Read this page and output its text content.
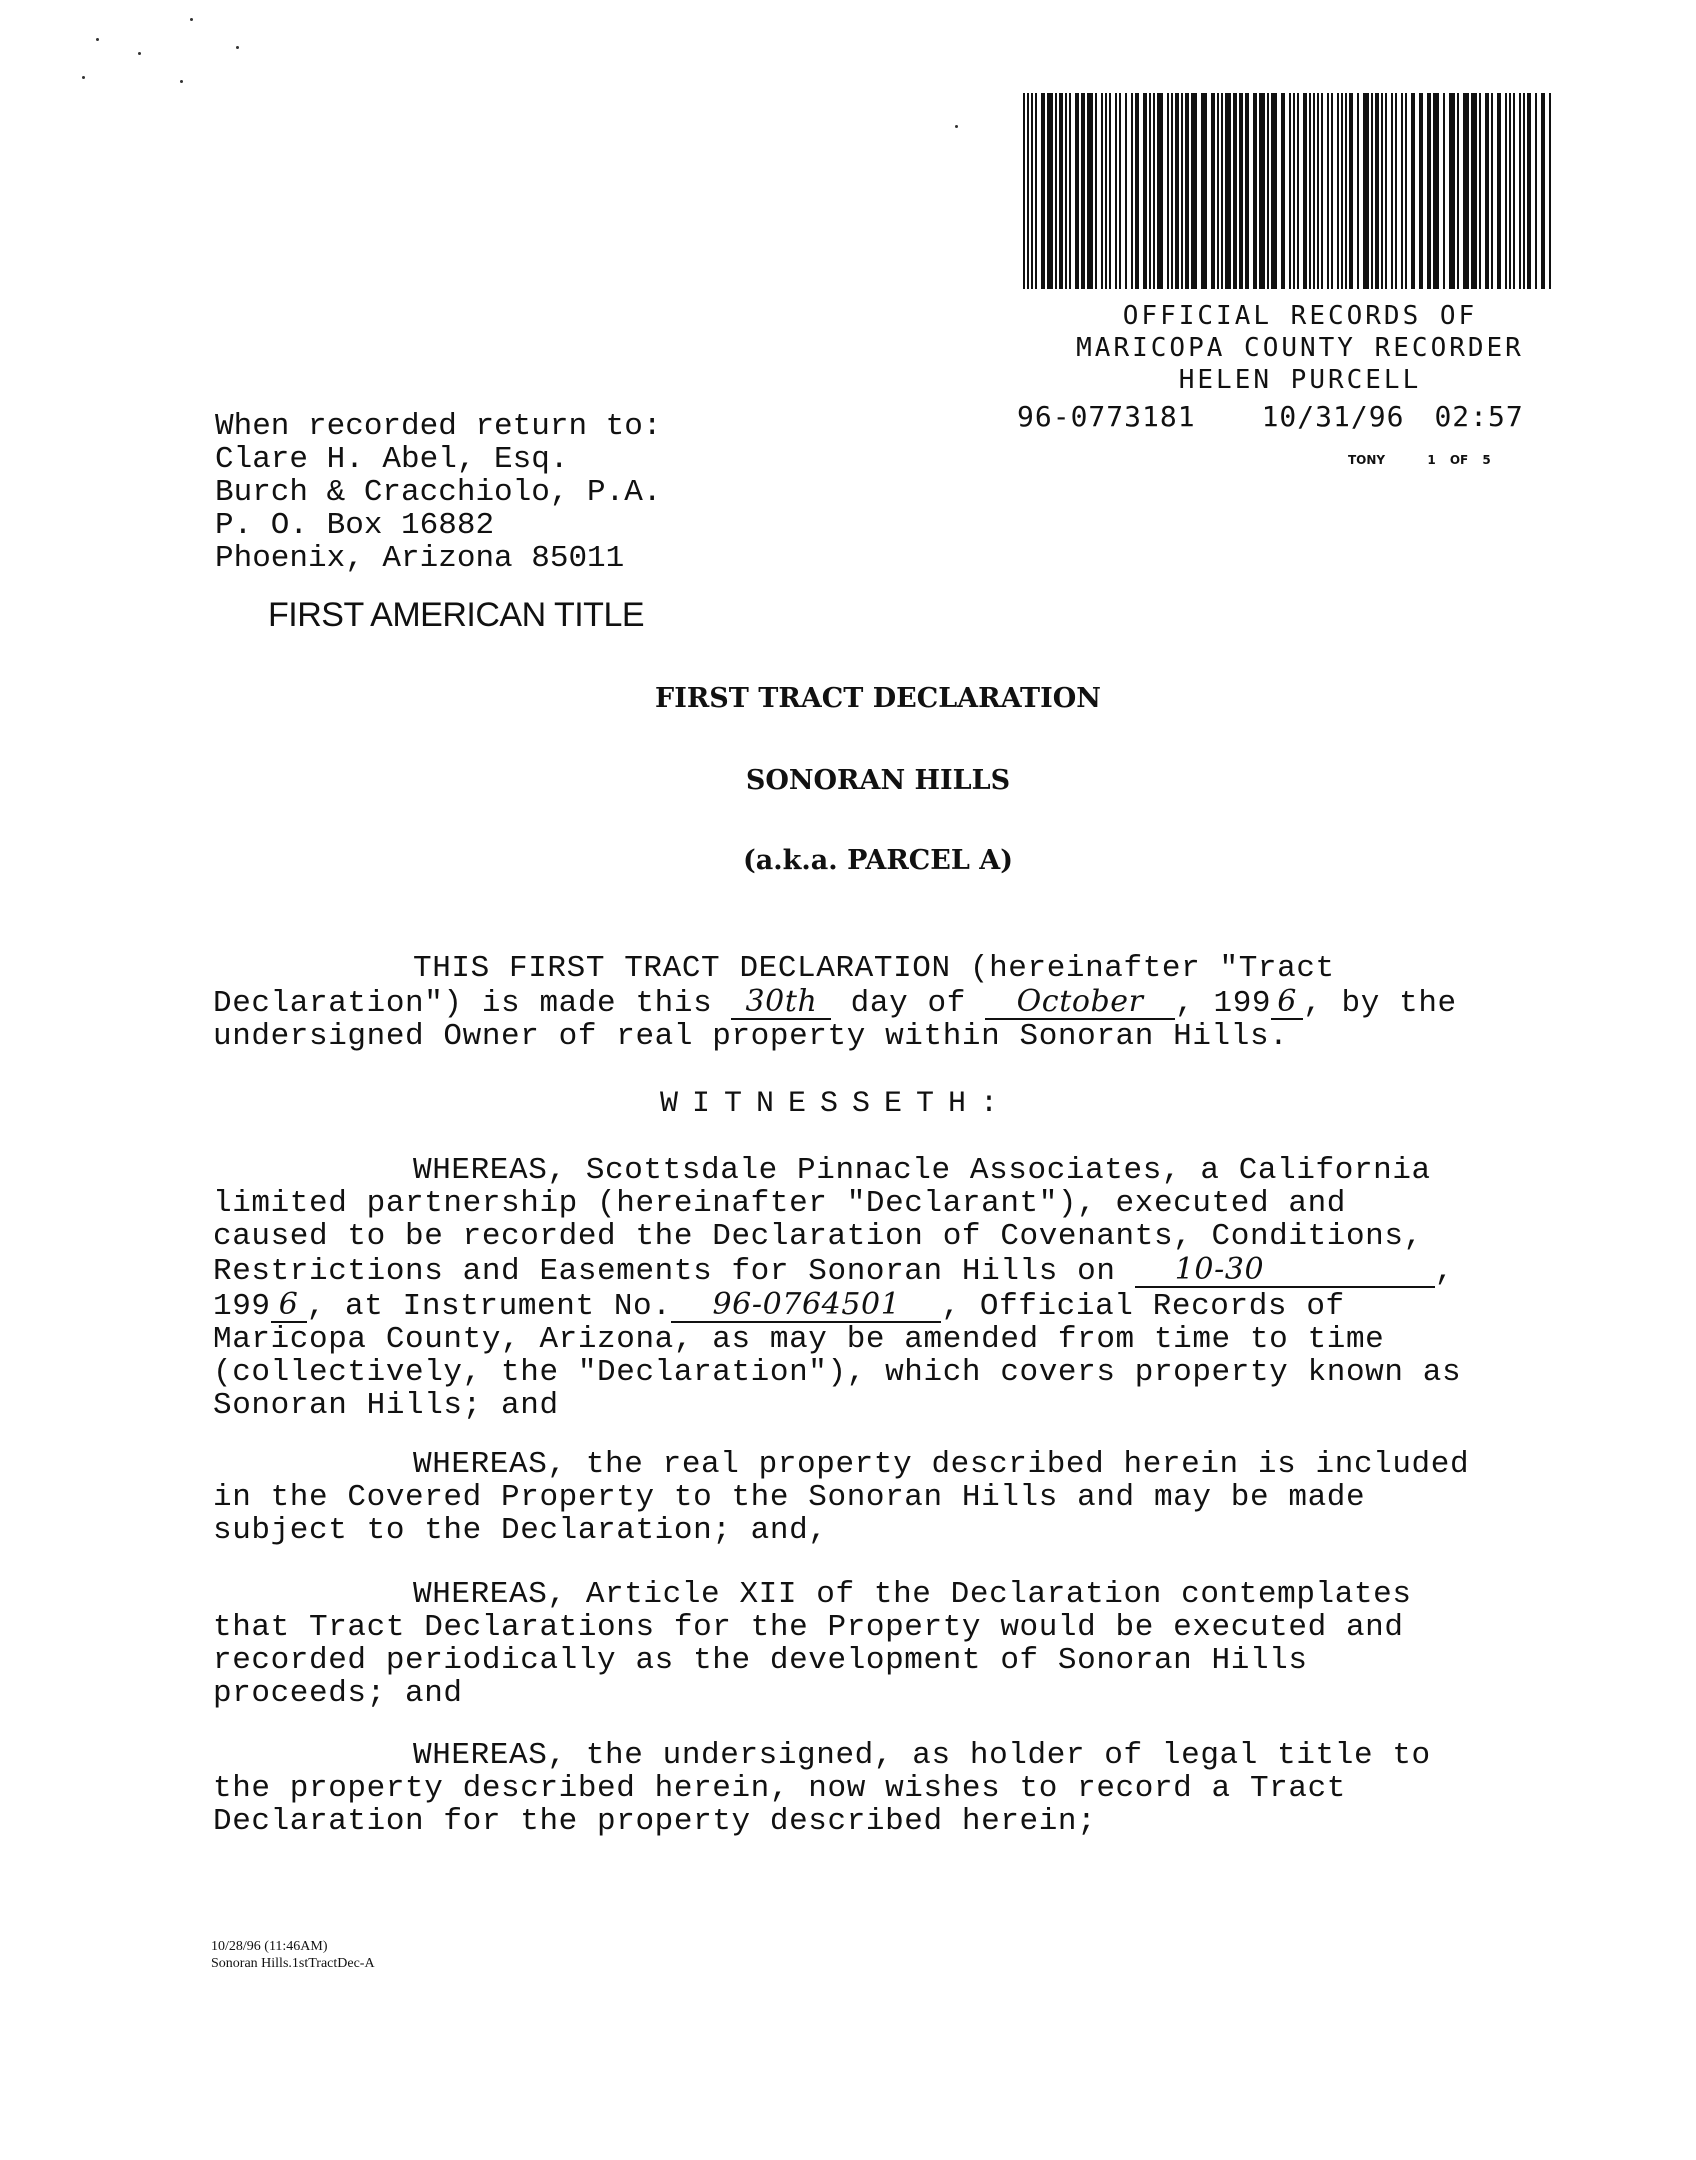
OFFICIAL RECORDS OF
MARICOPA COUNTY RECORDER
HELEN PURCELL
96-0773181 10/31/96 02:57
TONY	1 OF 5
When recorded return to:
Clare H. Abel, Esq.
Burch & Cracchiolo, P.A.
P. O. Box 16882
Phoenix, Arizona 85011
FIRST AMERICAN TITLE
FIRST TRACT DECLARATION
SONORAN HILLS
(a.k.a. PARCEL A)
THIS FIRST TRACT DECLARATION (hereinafter "Tract
Declaration") is made this 30th day of October , 199 6 , by the
undersigned Owner of real property within Sonoran Hills.
WITNESSETH:
WHEREAS, Scottsdale Pinnacle Associates, a California
limited partnership (hereinafter "Declarant"), executed and
caused to be recorded the Declaration of Covenants, Conditions,
Restrictions and Easements for Sonoran Hills on 10-30	,
199 6 , at Instrument No. 96-0764501 , Official Records of
Maricopa County, Arizona, as may be amended from time to time
(collectively, the "Declaration"), which covers property known as
Sonoran Hills; and
WHEREAS, the real property described herein is included
in the Covered Property to the Sonoran Hills and may be made
subject to the Declaration; and,
WHEREAS, Article XII of the Declaration contemplates
that Tract Declarations for the Property would be executed and
recorded periodically as the development of Sonoran Hills
proceeds; and
WHEREAS, the undersigned, as holder of legal title to
the property described herein, now wishes to record a Tract
Declaration for the property described herein;
10/28/96 (11:46AM)
Sonoran Hills.1stTractDec-A
